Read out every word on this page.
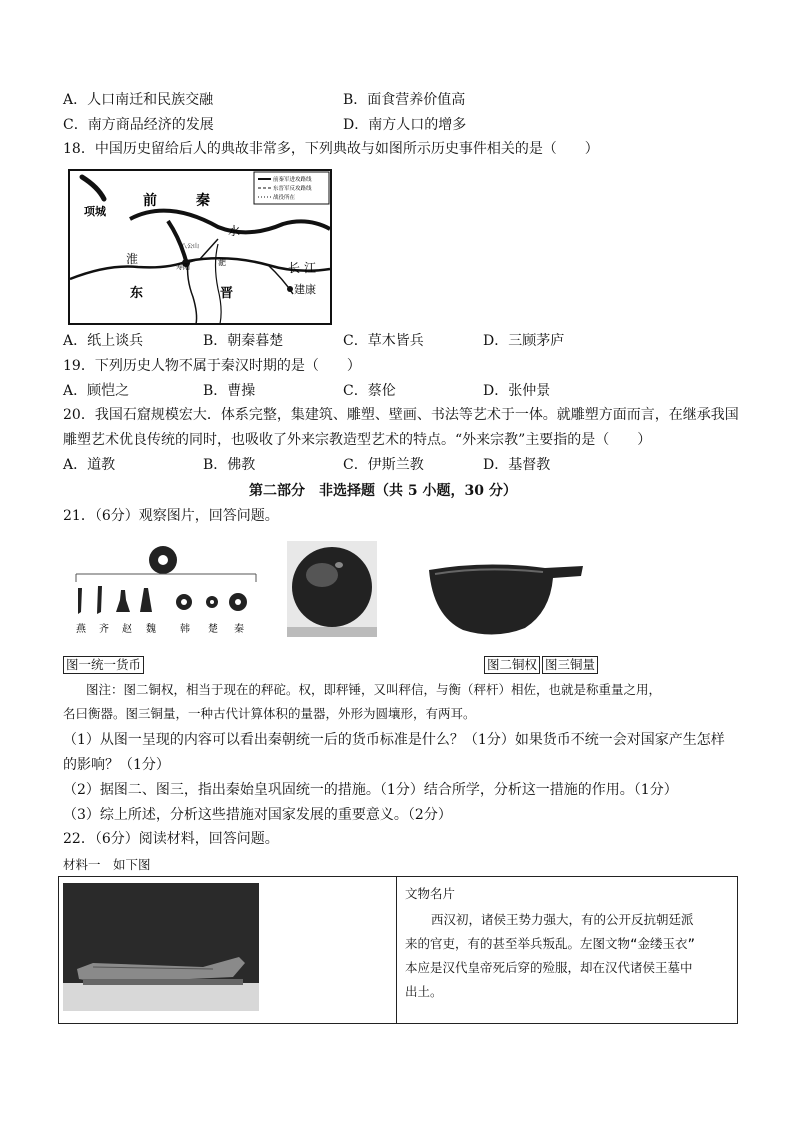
A．人口南迁和民族交融	B．面食营养价值高
C．南方商品经济的发展	D．南方人口的增多
18．中国历史留给后人的典故非常多，下列典故与如图所示历史事件相关的是（　　）
前秦军进攻路线
东晋军反攻路线
战役所在
前	秦
项城
水
八公山
寿阳	淝
淮
东	晋
长 江
建康
A．纸上谈兵	B．朝秦暮楚	C．草木皆兵	D．三顾茅庐
19．下列历史人物不属于秦汉时期的是（　　）
A．顾恺之	B．曹操	C．蔡伦	D．张仲景
20．我国石窟规模宏大．体系完整，集建筑、雕塑、壁画、书法等艺术于一体。就雕塑方面而言，在继承我国
雕塑艺术优良传统的同时，也吸收了外来宗教造型艺术的特点。“外来宗教”主要指的是（　　）
A．道教	B．佛教	C．伊斯兰教	D．基督教
第二部分　非选择题（共 5 小题，30 分）
21．（6分）观察图片，回答问题。
燕 齐 赵 魏 韩 楚 秦
图一统一货币	图二铜权 图三铜量
图注：图二铜权，相当于现在的秤砣。权，即秤锤，又叫秤信，与衡（秤杆）相佐，也就是称重量之用，
名曰衡器。图三铜量，一种古代计算体积的量器，外形为圆壤形，有两耳。
（1）从图一呈现的内容可以看出秦朝统一后的货币标准是什么？（1分）如果货币不统一会对国家产生怎样
的影响？（1分）
（2）据图二、图三，指出秦始皇巩固统一的措施。（1分）结合所学，分析这一措施的作用。（1分）
（3）综上所述，分析这些措施对国家发展的重要意义。（2分）
22．（6分）阅读材料，回答问题。
材料一　如下图
文物名片
西汉初，诸侯王势力强大，有的公开反抗朝廷派
来的官吏，有的甚至举兵叛乱。左图文物“金缕玉衣”
本应是汉代皇帝死后穿的殓服，却在汉代诸侯王墓中
出土。
